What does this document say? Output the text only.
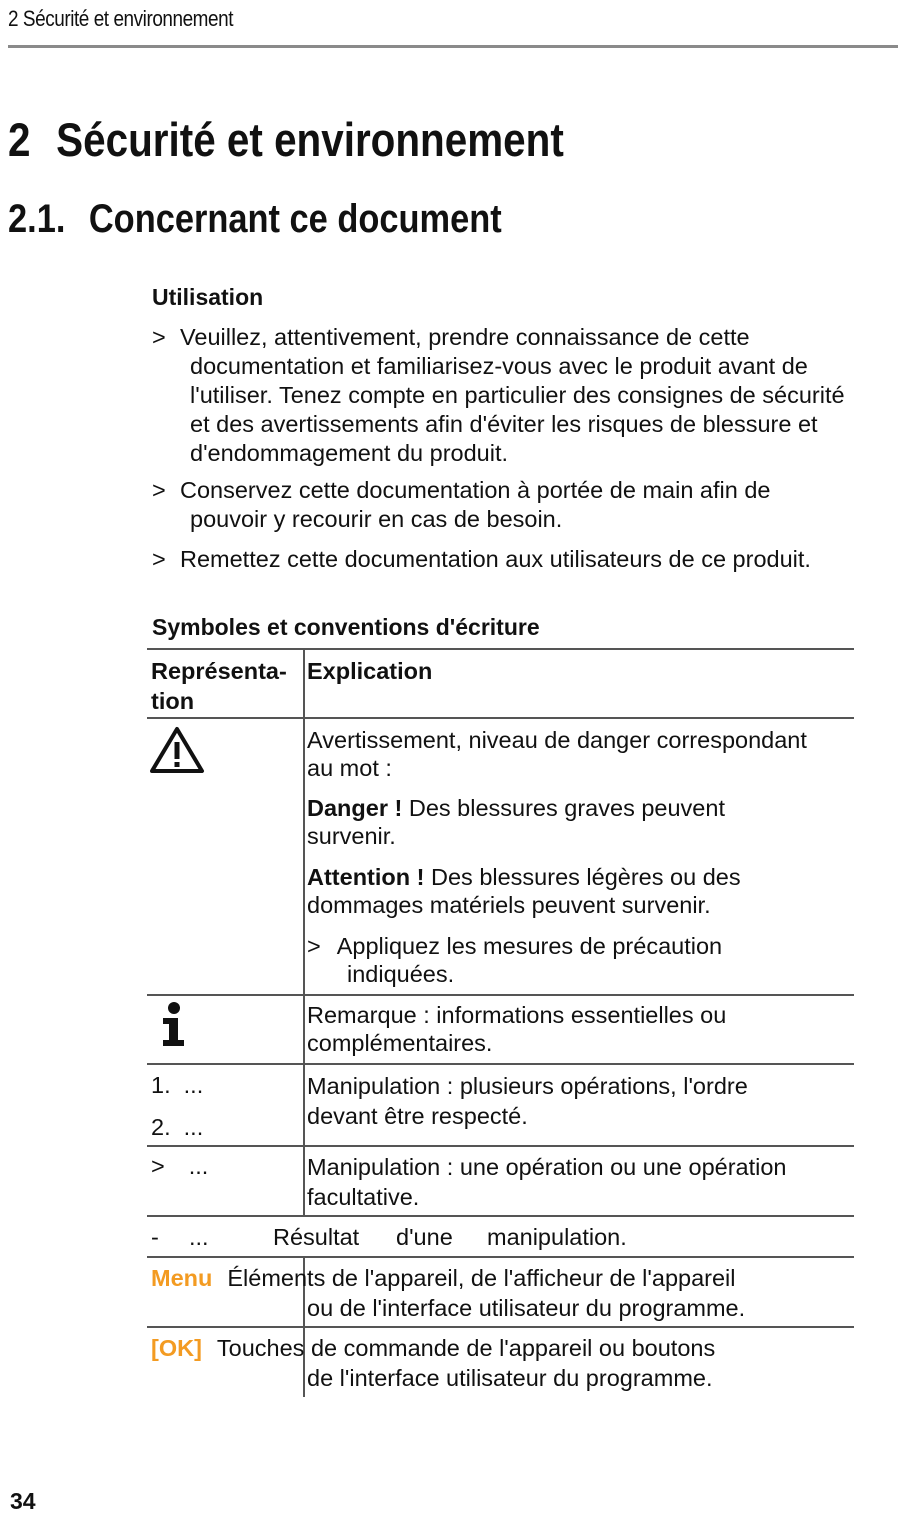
2 Sécurité et environnement
2 Sécurité et environnement
2.1. Concernant ce document
Utilisation
> Veuillez, attentivement, prendre connaissance de cette
documentation et familiarisez-vous avec le produit avant de
l'utiliser. Tenez compte en particulier des consignes de sécurité
et des avertissements afin d'éviter les risques de blessure et
d'endommagement du produit.
> Conservez cette documentation à portée de main afin de
pouvoir y recourir en cas de besoin.
> Remettez cette documentation aux utilisateurs de ce produit.
Symboles et conventions d'écriture
Représenta-
tion
Explication
Avertissement, niveau de danger correspondant
au mot :
Danger ! Des blessures graves peuvent
survenir.
Attention ! Des blessures légères ou des
dommages matériels peuvent survenir.
> Appliquez les mesures de précaution
indiquées.
Remarque : informations essentielles ou
complémentaires.
1.  ...
2.  ...
Manipulation : plusieurs opérations, l'ordre
devant être respecté.
> ...	Manipulation : une opération ou une opération
facultative.
- ...	Résultat d'une manipulation.
Menu Éléments de l'appareil, de l'afficheur de l'appareil
ou de l'interface utilisateur du programme.
[OK] Touches de commande de l'appareil ou boutons
de l'interface utilisateur du programme.
34
